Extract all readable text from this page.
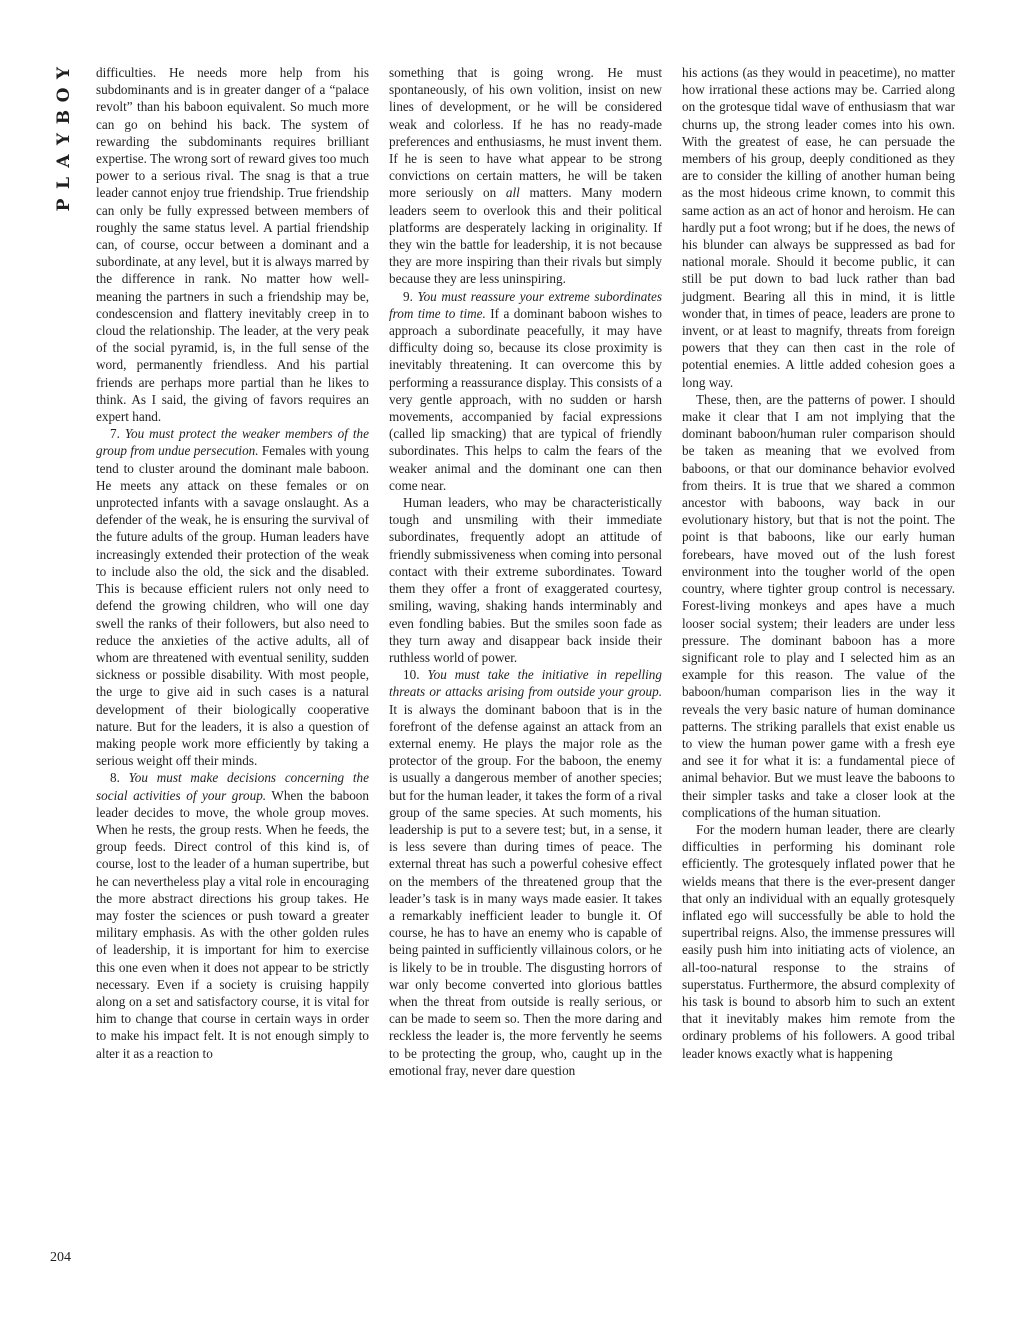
Y
O
B
Y
A
L
P
204

difficulties. He needs more help from his subdominants and is in greater danger of a “palace revolt” than his baboon equivalent. So much more can go on behind his back. The system of rewarding the subdominants requires brilliant expertise. The wrong sort of reward gives too much power to a serious rival. The snag is that a true leader cannot enjoy true friendship. True friendship can only be fully expressed between members of roughly the same status level. A partial friendship can, of course, occur between a dominant and a subordinate, at any level, but it is always marred by the difference in rank. No matter how well-meaning the partners in such a friendship may be, condescension and flattery inevitably creep in to cloud the relationship. The leader, at the very peak of the social pyramid, is, in the full sense of the word, permanently friendless. And his partial friends are perhaps more partial than he likes to think. As I said, the giving of favors requires an expert hand.

7. You must protect the weaker members of the group from undue persecution. Females with young tend to cluster around the dominant male baboon. He meets any attack on these females or on unprotected infants with a savage onslaught. As a defender of the weak, he is ensuring the survival of the future adults of the group. Human leaders have increasingly extended their protection of the weak to include also the old, the sick and the disabled. This is because efficient rulers not only need to defend the growing children, who will one day swell the ranks of their followers, but also need to reduce the anxieties of the active adults, all of whom are threatened with eventual senility, sudden sickness or possible disability. With most people, the urge to give aid in such cases is a natural development of their biologically cooperative nature. But for the leaders, it is also a question of making people work more efficiently by taking a serious weight off their minds.

8. You must make decisions concerning the social activities of your group. When the baboon leader decides to move, the whole group moves. When he rests, the group rests. When he feeds, the group feeds. Direct control of this kind is, of course, lost to the leader of a human supertribe, but he can nevertheless play a vital role in encouraging the more abstract directions his group takes. He may foster the sciences or push toward a greater military emphasis. As with the other golden rules of leadership, it is important for him to exercise this one even when it does not appear to be strictly necessary. Even if a society is cruising happily along on a set and satisfactory course, it is vital for him to change that course in certain ways in order to make his impact felt. It is not enough simply to alter it as a reaction to

something that is going wrong. He must spontaneously, of his own volition, insist on new lines of development, or he will be considered weak and colorless. If he has no ready-made preferences and enthusiasms, he must invent them. If he is seen to have what appear to be strong convictions on certain matters, he will be taken more seriously on all matters. Many modern leaders seem to overlook this and their political platforms are desperately lacking in originality. If they win the battle for leadership, it is not because they are more inspiring than their rivals but simply because they are less uninspiring.

9. You must reassure your extreme subordinates from time to time. If a dominant baboon wishes to approach a subordinate peacefully, it may have difficulty doing so, because its close proximity is inevitably threatening. It can overcome this by performing a reassurance display. This consists of a very gentle approach, with no sudden or harsh movements, accompanied by facial expressions (called lip smacking) that are typical of friendly subordinates. This helps to calm the fears of the weaker animal and the dominant one can then come near.

Human leaders, who may be characteristically tough and unsmiling with their immediate subordinates, frequently adopt an attitude of friendly submissiveness when coming into personal contact with their extreme subordinates. Toward them they offer a front of exaggerated courtesy, smiling, waving, shaking hands interminably and even fondling babies. But the smiles soon fade as they turn away and disappear back inside their ruthless world of power.

10. You must take the initiative in repelling threats or attacks arising from outside your group. It is always the dominant baboon that is in the forefront of the defense against an attack from an external enemy. He plays the major role as the protector of the group. For the baboon, the enemy is usually a dangerous member of another species; but for the human leader, it takes the form of a rival group of the same species. At such moments, his leadership is put to a severe test; but, in a sense, it is less severe than during times of peace. The external threat has such a powerful cohesive effect on the members of the threatened group that the leader’s task is in many ways made easier. It takes a remarkably inefficient leader to bungle it. Of course, he has to have an enemy who is capable of being painted in sufficiently villainous colors, or he is likely to be in trouble. The disgusting horrors of war only become converted into glorious battles when the threat from outside is really serious, or can be made to seem so. Then the more daring and reckless the leader is, the more fervently he seems to be protecting the group, who, caught up in the emotional fray, never dare question

his actions (as they would in peacetime), no matter how irrational these actions may be. Carried along on the grotesque tidal wave of enthusiasm that war churns up, the strong leader comes into his own. With the greatest of ease, he can persuade the members of his group, deeply conditioned as they are to consider the killing of another human being as the most hideous crime known, to commit this same action as an act of honor and heroism. He can hardly put a foot wrong; but if he does, the news of his blunder can always be suppressed as bad for national morale. Should it become public, it can still be put down to bad luck rather than bad judgment. Bearing all this in mind, it is little wonder that, in times of peace, leaders are prone to invent, or at least to magnify, threats from foreign powers that they can then cast in the role of potential enemies. A little added cohesion goes a long way.

These, then, are the patterns of power. I should make it clear that I am not implying that the dominant baboon/human ruler comparison should be taken as meaning that we evolved from baboons, or that our dominance behavior evolved from theirs. It is true that we shared a common ancestor with baboons, way back in our evolutionary history, but that is not the point. The point is that baboons, like our early human forebears, have moved out of the lush forest environment into the tougher world of the open country, where tighter group control is necessary. Forest-living monkeys and apes have a much looser social system; their leaders are under less pressure. The dominant baboon has a more significant role to play and I selected him as an example for this reason. The value of the baboon/human comparison lies in the way it reveals the very basic nature of human dominance patterns. The striking parallels that exist enable us to view the human power game with a fresh eye and see it for what it is: a fundamental piece of animal behavior. But we must leave the baboons to their simpler tasks and take a closer look at the complications of the human situation.

For the modern human leader, there are clearly difficulties in performing his dominant role efficiently. The grotesquely inflated power that he wields means that there is the ever-present danger that only an individual with an equally grotesquely inflated ego will successfully be able to hold the supertribal reigns. Also, the immense pressures will easily push him into initiating acts of violence, an all-too-natural response to the strains of superstatus. Furthermore, the absurd complexity of his task is bound to absorb him to such an extent that it inevitably makes him remote from the ordinary problems of his followers. A good tribal leader knows exactly what is happening
